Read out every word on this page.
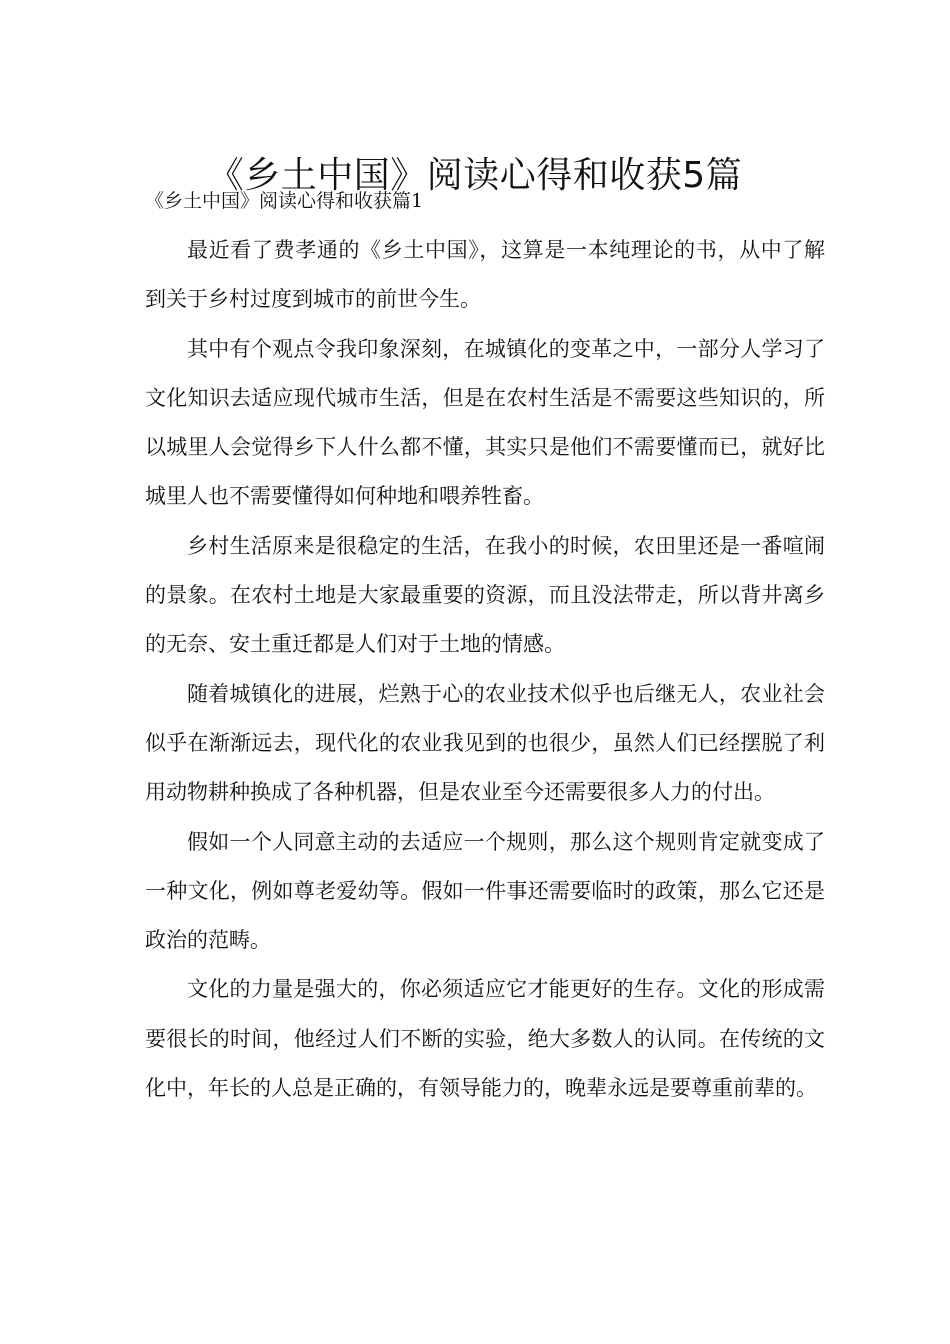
《乡土中国》阅读心得和收获5篇
《乡土中国》阅读心得和收获篇1

最近看了费孝通的《乡土中国》，这算是一本纯理论的书，从中了解到关于乡村过度到城市的前世今生。

其中有个观点令我印象深刻，在城镇化的变革之中，一部分人学习了文化知识去适应现代城市生活，但是在农村生活是不需要这些知识的，所以城里人会觉得乡下人什么都不懂，其实只是他们不需要懂而已，就好比城里人也不需要懂得如何种地和喂养牲畜。

乡村生活原来是很稳定的生活，在我小的时候，农田里还是一番喧闹的景象。在农村土地是大家最重要的资源，而且没法带走，所以背井离乡的无奈、安土重迁都是人们对于土地的情感。

随着城镇化的进展，烂熟于心的农业技术似乎也后继无人，农业社会似乎在渐渐远去，现代化的农业我见到的也很少，虽然人们已经摆脱了利用动物耕种换成了各种机器，但是农业至今还需要很多人力的付出。

假如一个人同意主动的去适应一个规则，那么这个规则肯定就变成了一种文化，例如尊老爱幼等。假如一件事还需要临时的政策，那么它还是政治的范畴。

文化的力量是强大的，你必须适应它才能更好的生存。文化的形成需要很长的时间，他经过人们不断的实验，绝大多数人的认同。在传统的文化中，年长的人总是正确的，有领导能力的，晚辈永远是要尊重前辈的。
